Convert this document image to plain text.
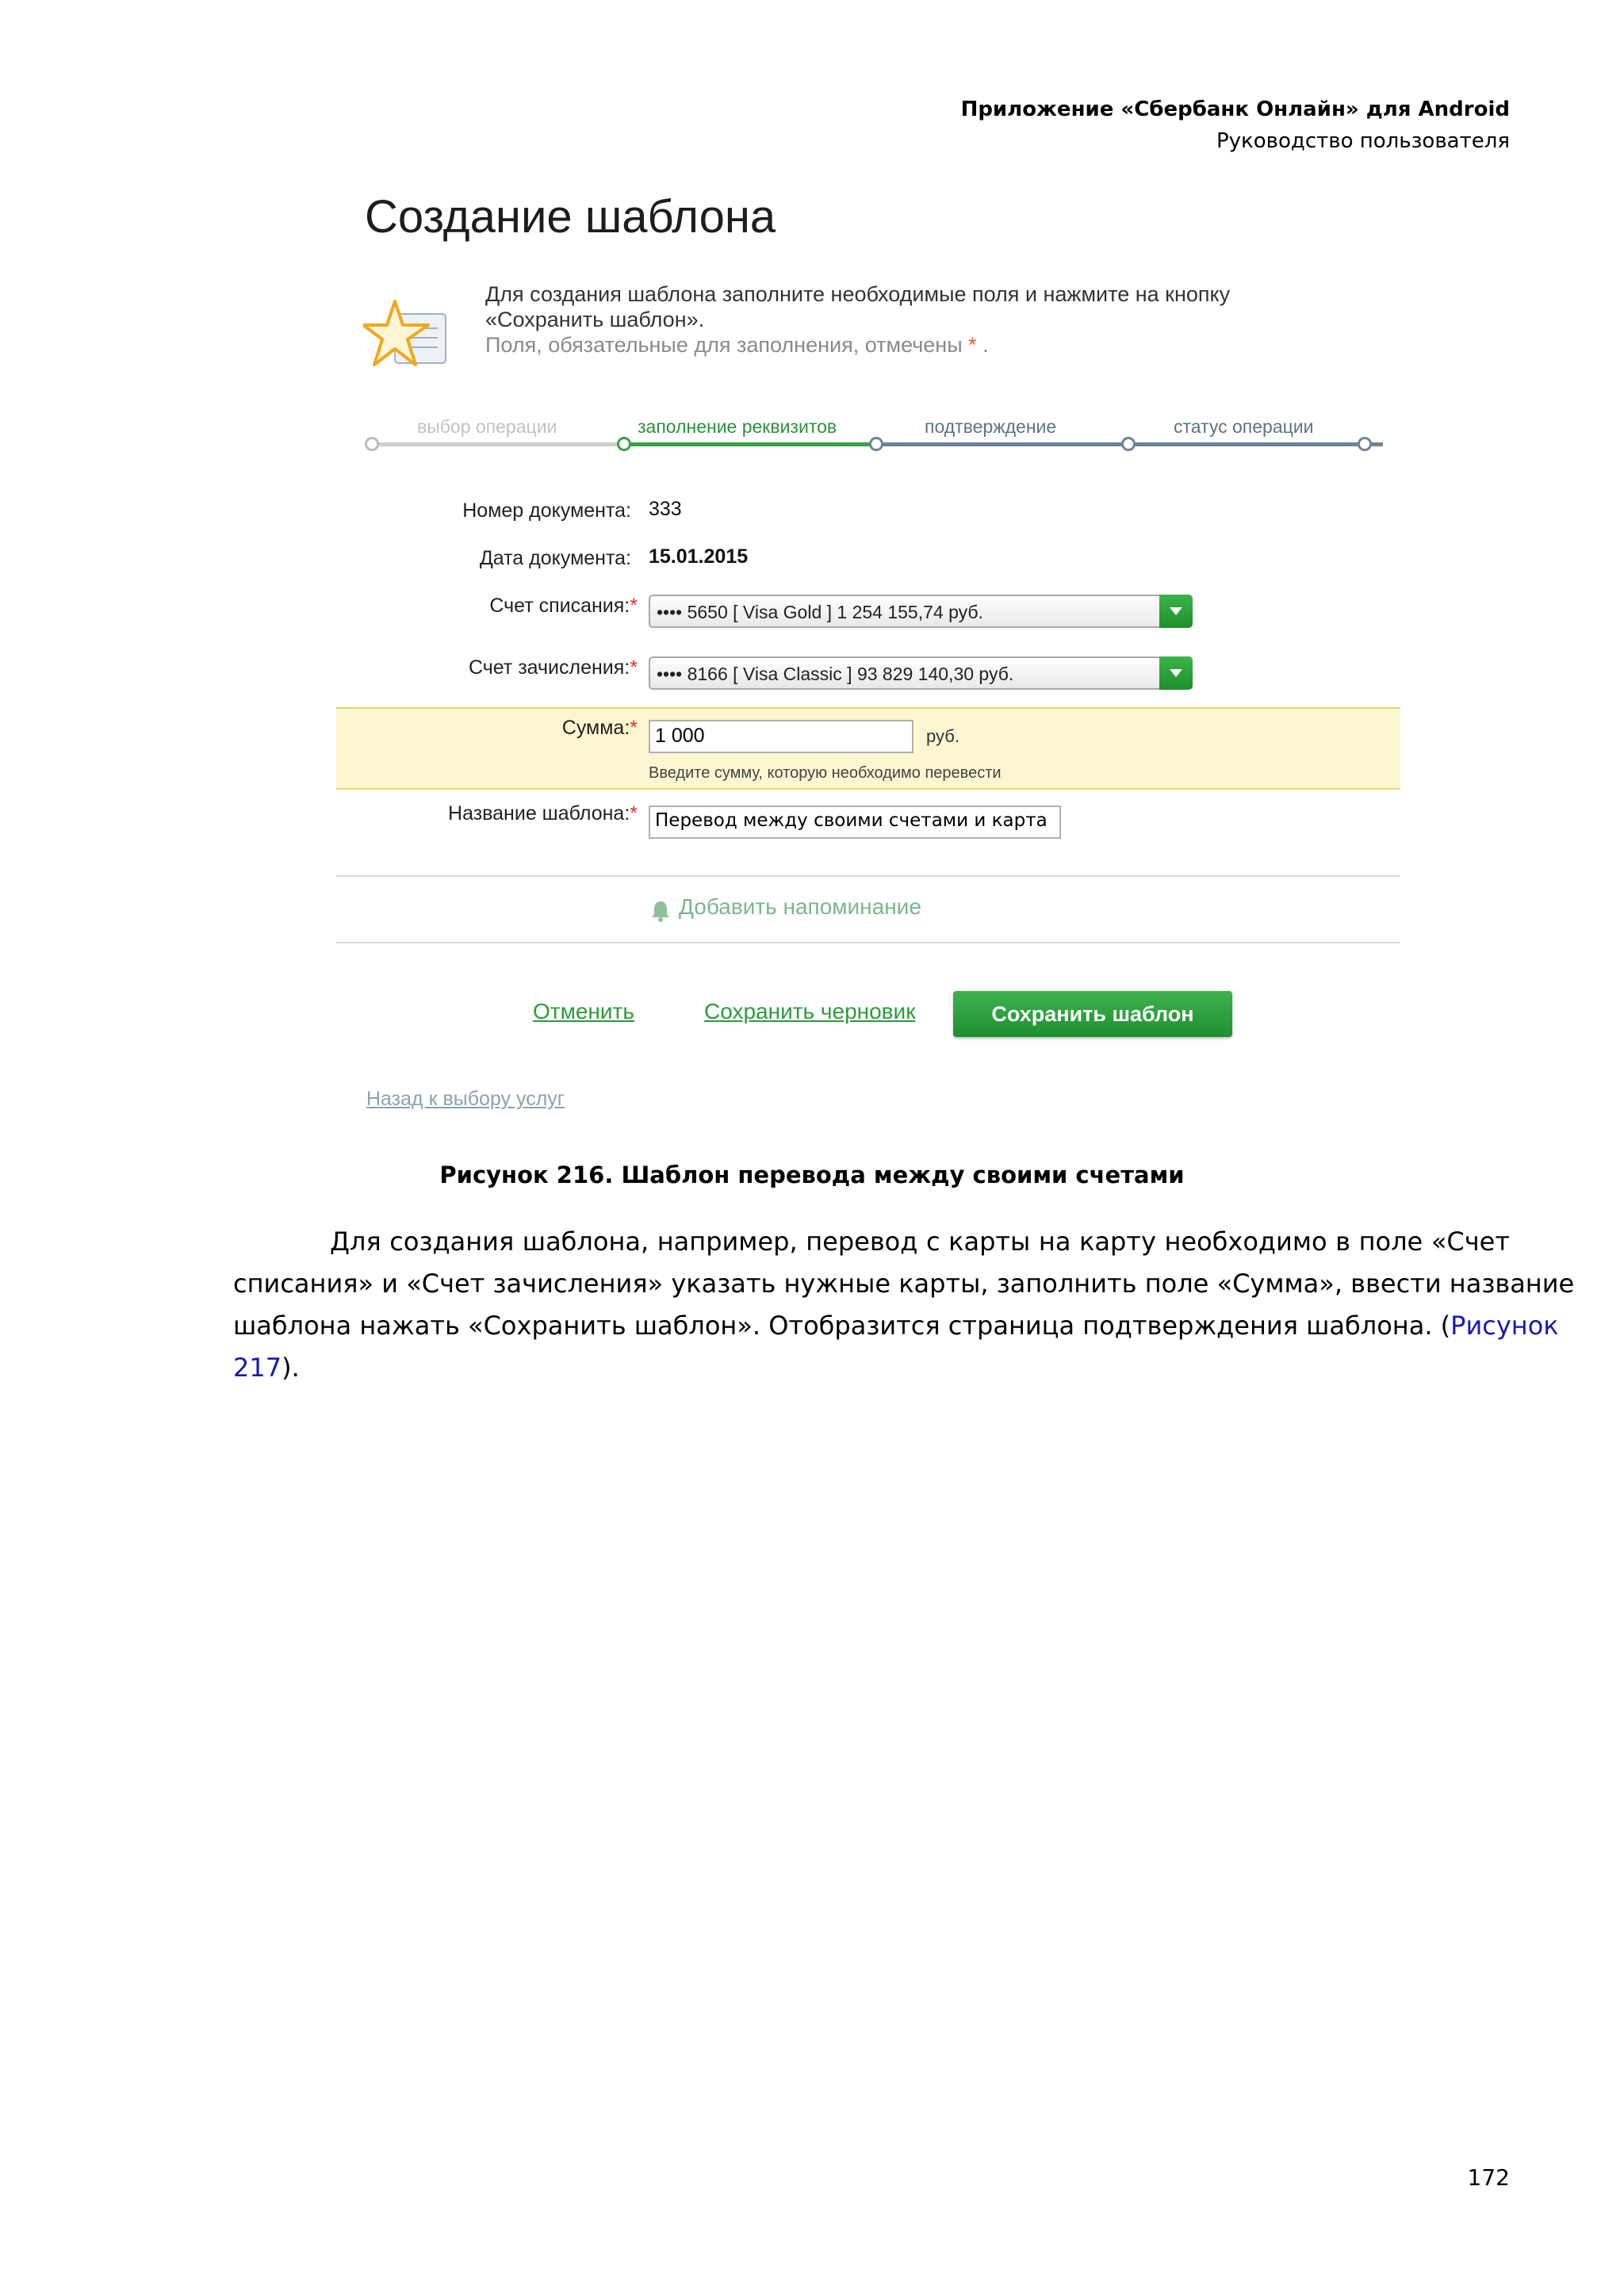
Приложение «Сбербанк Онлайн» для Android
Руководство пользователя
Создание шаблона
Для создания шаблона заполните необходимые поля и нажмите на кнопку
«Сохранить шаблон».
Поля, обязательные для заполнения, отмечены * .
выбор операции	заполнение реквизитов	подтверждение	статус операции
Номер документа: 333
Дата документа: 15.01.2015
Счет списания:* •••• 5650 [ Visa Gold ] 1 254 155,74 руб.
Счет зачисления:* •••• 8166 [ Visa Classic ] 93 829 140,30 руб.
Сумма:* 1 000	руб.
Введите сумму, которую необходимо перевести
Название шаблона:* Перевод между своими счетами и карта
Добавить напоминание
Отменить	Сохранить черновик	Сохранить шаблон
Назад к выбору услуг
Рисунок 216. Шаблон перевода между своими счетами
Для создания шаблона, например, перевод с карты на карту необходимо в поле «Счет
списания» и «Счет зачисления» указать нужные карты, заполнить поле «Сумма», ввести название
шаблона нажать «Сохранить шаблон». Отобразится страница подтверждения шаблона. (Рисунок
217).
172
